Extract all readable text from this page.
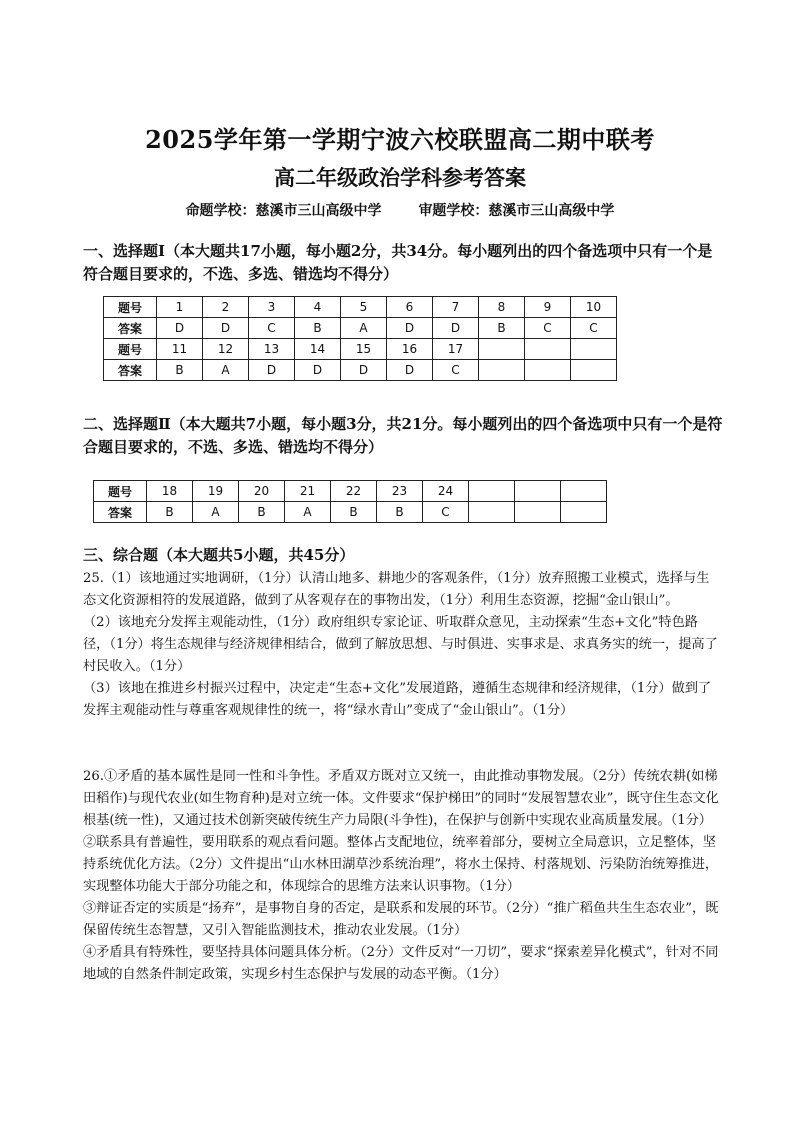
2025学年第一学期宁波六校联盟高二期中联考
高二年级政治学科参考答案
命题学校：慈溪市三山高级中学	审题学校：慈溪市三山高级中学
一、选择题Ⅰ（本大题共17小题，每小题2分，共34分。每小题列出的四个备选项中只有一个是符合题目要求的，不选、多选、错选均不得分）
题号	1	2	3	4	5	6	7	8	9	10
答案	D	D	C	B	A	D	D	B	C	C
题号	11	12	13	14	15	16	17			
答案	B	A	D	D	D	D	C			
二、选择题Ⅱ（本大题共7小题，每小题3分，共21分。每小题列出的四个备选项中只有一个是符合题目要求的，不选、多选、错选均不得分）
题号	18	19	20	21	22	23	24			
答案	B	A	B	A	B	B	C			
三、综合题（本大题共5小题，共45分）

25.（1）该地通过实地调研，（1分）认清山地多、耕地少的客观条件，（1分）放弃照搬工业模式，选择与生态文化资源相符的发展道路，做到了从客观存在的事物出发，（1分）利用生态资源，挖掘“金山银山”。

（2）该地充分发挥主观能动性，（1分）政府组织专家论证、听取群众意见，主动探索“生态+文化”特色路径，（1分）将生态规律与经济规律相结合，做到了解放思想、与时俱进、实事求是、求真务实的统一，提高了村民收入。（1分）

（3）该地在推进乡村振兴过程中，决定走“生态+文化”发展道路，遵循生态规律和经济规律，（1分）做到了发挥主观能动性与尊重客观规律性的统一，将“绿水青山”变成了“金山银山”。（1分）

26.①矛盾的基本属性是同一性和斗争性。矛盾双方既对立又统一，由此推动事物发展。（2分）传统农耕(如梯田稻作)与现代农业(如生物育种)是对立统一体。文件要求“保护梯田”的同时“发展智慧农业”，既守住生态文化根基(统一性)，又通过技术创新突破传统生产力局限(斗争性)，在保护与创新中实现农业高质量发展。（1分）

②联系具有普遍性，要用联系的观点看问题。整体占支配地位，统率着部分，要树立全局意识，立足整体，坚持系统优化方法。（2分）文件提出“山水林田湖草沙系统治理”，将水土保持、村落规划、污染防治统筹推进，实现整体功能大于部分功能之和，体现综合的思维方法来认识事物。（1分）

③辩证否定的实质是“扬弃”，是事物自身的否定，是联系和发展的环节。（2分）“推广稻鱼共生生态农业”，既保留传统生态智慧，又引入智能监测技术，推动农业发展。（1分）

④矛盾具有特殊性，要坚持具体问题具体分析。（2分）文件反对“一刀切”，要求“探索差异化模式”，针对不同地域的自然条件制定政策，实现乡村生态保护与发展的动态平衡。（1分）
